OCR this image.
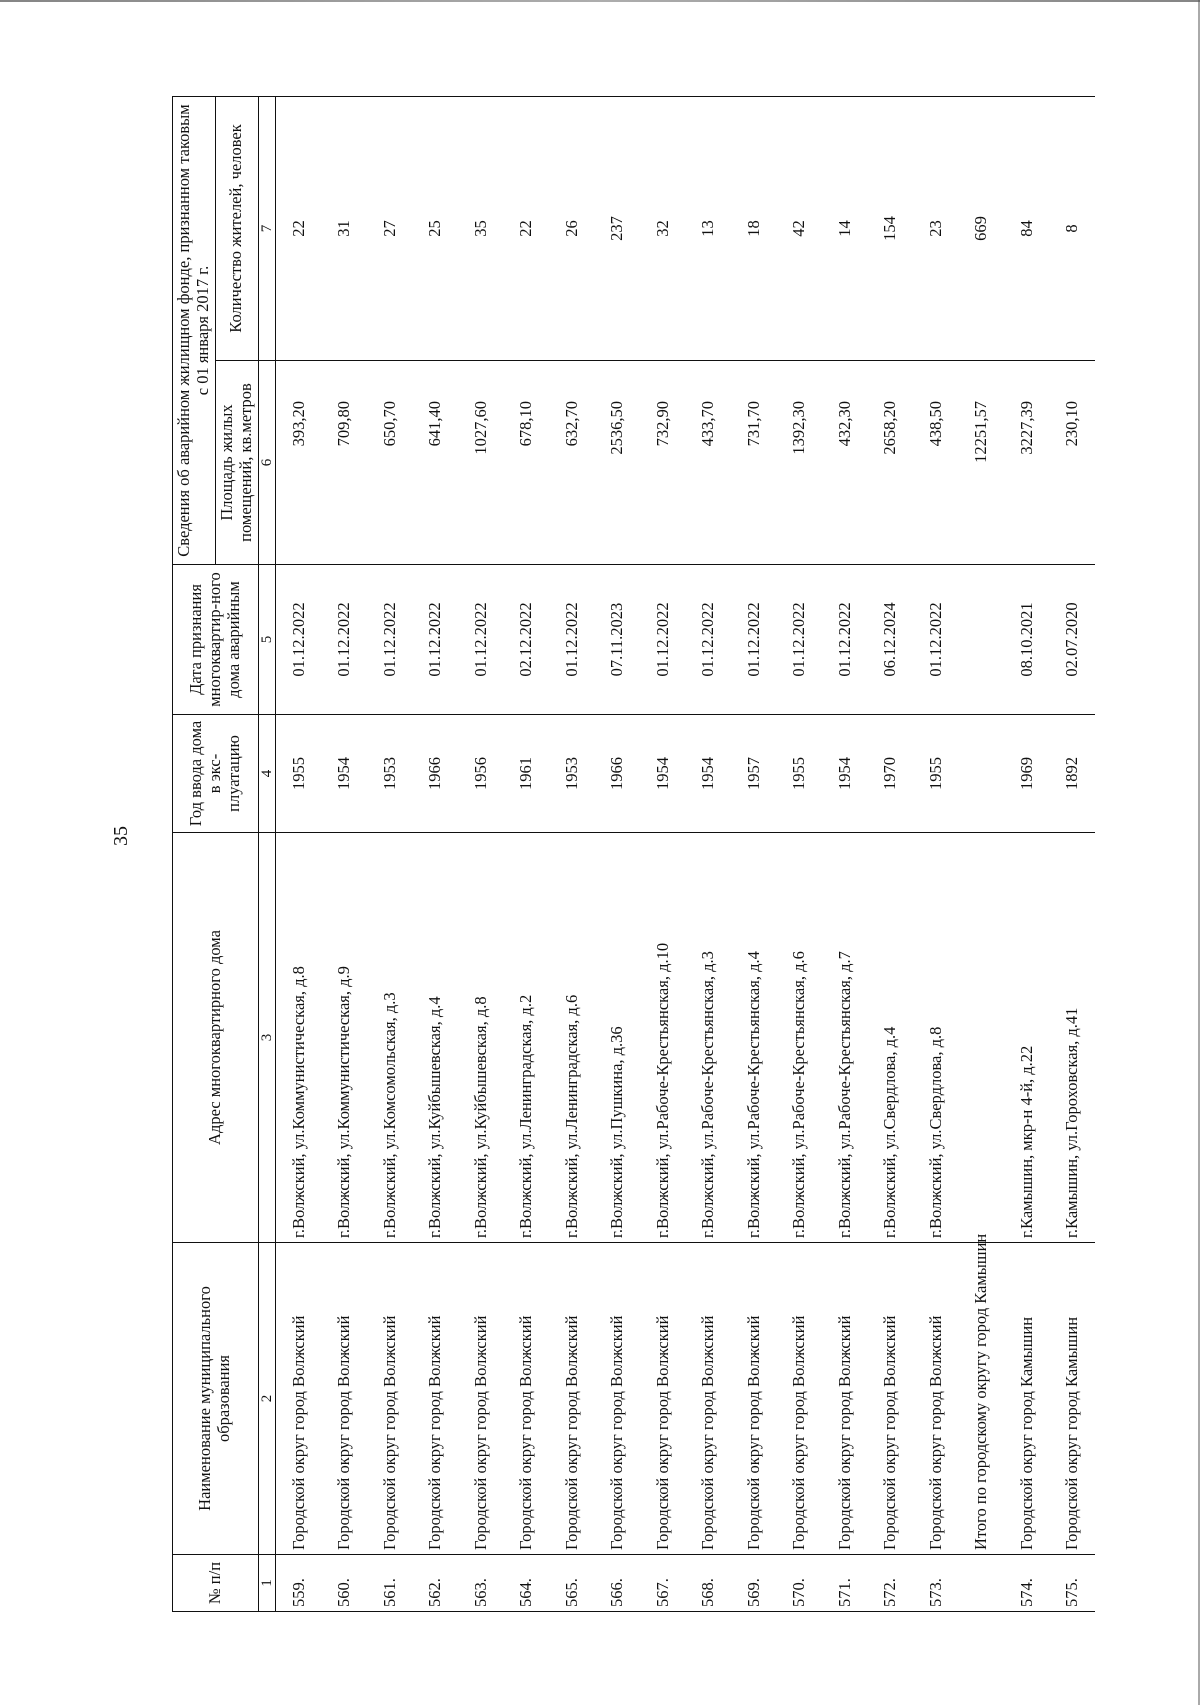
35
№ п/п	Наименование муниципального образования	Адрес многоквартирного дома	Год ввода дома в экс-плуатацию	Дата признания многоквартир-ного дома аварийным	Сведения об аварийном жилищном фонде, признанном таковым с 01 января 2017 г.	
					Площадь жилых помещений, кв.метров	Количество жителей, человек
1	2	3	4	5	6	7
559.	Городской округ город Волжский	г.Волжский, ул.Коммунистическая, д.8	1955	01.12.2022	393,20	22
560.	Городской округ город Волжский	г.Волжский, ул.Коммунистическая, д.9	1954	01.12.2022	709,80	31
561.	Городской округ город Волжский	г.Волжский, ул.Комсомольская, д.3	1953	01.12.2022	650,70	27
562.	Городской округ город Волжский	г.Волжский, ул.Куйбышевская, д.4	1966	01.12.2022	641,40	25
563.	Городской округ город Волжский	г.Волжский, ул.Куйбышевская, д.8	1956	01.12.2022	1027,60	35
564.	Городской округ город Волжский	г.Волжский, ул.Ленинградская, д.2	1961	02.12.2022	678,10	22
565.	Городской округ город Волжский	г.Волжский, ул.Ленинградская, д.6	1953	01.12.2022	632,70	26
566.	Городской округ город Волжский	г.Волжский, ул.Пушкина, д.36	1966	07.11.2023	2536,50	237
567.	Городской округ город Волжский	г.Волжский, ул.Рабоче-Крестьянская, д.10	1954	01.12.2022	732,90	32
568.	Городской округ город Волжский	г.Волжский, ул.Рабоче-Крестьянская, д.3	1954	01.12.2022	433,70	13
569.	Городской округ город Волжский	г.Волжский, ул.Рабоче-Крестьянская, д.4	1957	01.12.2022	731,70	18
570.	Городской округ город Волжский	г.Волжский, ул.Рабоче-Крестьянская, д.6	1955	01.12.2022	1392,30	42
571.	Городской округ город Волжский	г.Волжский, ул.Рабоче-Крестьянская, д.7	1954	01.12.2022	432,30	14
572.	Городской округ город Волжский	г.Волжский, ул.Свердлова, д.4	1970	06.12.2024	2658,20	154
573.	Городской округ город Волжский	г.Волжский, ул.Свердлова, д.8	1955	01.12.2022	438,50	23
	Итого по городскому округу город Камышин				12251,57	669
574.	Городской округ город Камышин	г.Камышин, мкр-н 4-й, д.22	1969	08.10.2021	3227,39	84
575.	Городской округ город Камышин	г.Камышин, ул.Гороховская, д.41	1892	02.07.2020	230,10	8
